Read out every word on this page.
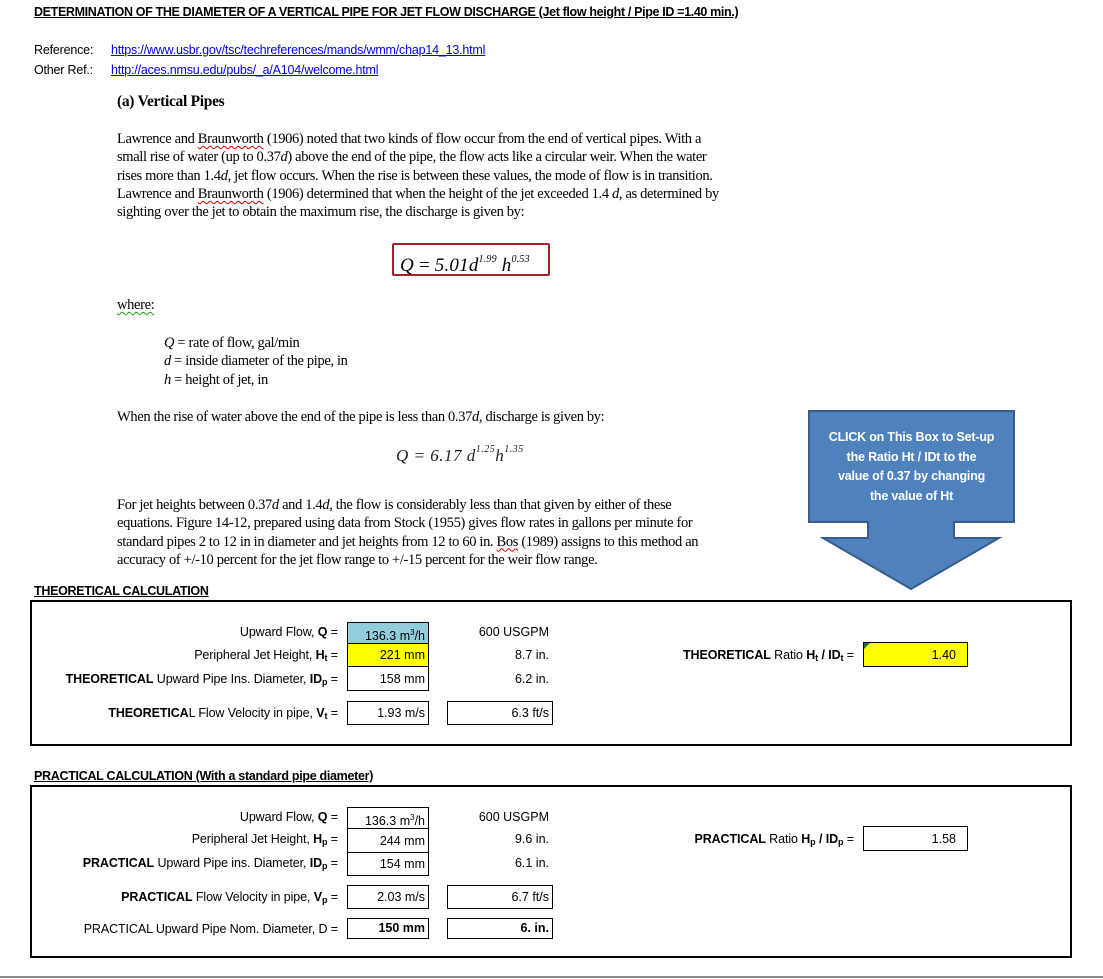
DETERMINATION OF THE DIAMETER OF A VERTICAL PIPE FOR JET FLOW DISCHARGE (Jet flow height / Pipe ID =1.40 min.)
Reference: https://www.usbr.gov/tsc/techreferences/mands/wmm/chap14_13.html
Other Ref.: http://aces.nmsu.edu/pubs/_a/A104/welcome.html
(a) Vertical Pipes
Lawrence and Braunworth (1906) noted that two kinds of flow occur from the end of vertical pipes. With a
small rise of water (up to 0.37d) above the end of the pipe, the flow acts like a circular weir. When the water
rises more than 1.4d, jet flow occurs. When the rise is between these values, the mode of flow is in transition.
Lawrence and Braunworth (1906) determined that when the height of the jet exceeded 1.4 d, as determined by
sighting over the jet to obtain the maximum rise, the discharge is given by:
$Q = 5.01d^{1.99}$ $h^{0.53}$
where:
Q = rate of flow, gal/min
d = inside diameter of the pipe, in
h = height of jet, in
When the rise of water above the end of the pipe is less than 0.37d, discharge is given by:
Q = 6.17 $d^{1.25}h^{1.35}$
For jet heights between 0.37d and 1.4d, the flow is considerably less than that given by either of these
equations. Figure 14-12, prepared using data from Stock (1955) gives flow rates in gallons per minute for
standard pipes 2 to 12 in in diameter and jet heights from 12 to 60 in. Bos (1989) assigns to this method an
accuracy of +/-10 percent for the jet flow range to +/-15 percent for the weir flow range.
CLICK on This Box to Set-up
the Ratio Ht / IDt to the
value of 0.37 by changing
the value of Ht
THEORETICAL CALCULATION
Upward Flow, Q =	136.3 $m^3/h$	600 USGPM
Peripheral Jet Height, $H_t$ =	221 mm	8.7 in.
THEORETICAL Upward Pipe Ins. Diameter, $ID_p$ =	158 mm	6.2 in.
THEORETICAL Flow Velocity in pipe, $V_t$ =	1.93 m/s	6.3 ft/s
THEORETICAL Ratio $H_t / ID_t$ =	1.40
PRACTICAL CALCULATION (With a standard pipe diameter)
Upward Flow, Q =	136.3 $m^3/h$	600 USGPM
Peripheral Jet Height, $H_p$ =	244 mm	9.6 in.
PRACTICAL Upward Pipe ins. Diameter, $ID_p$ =	154 mm	6.1 in.
PRACTICAL Flow Velocity in pipe, $V_p$ =	2.03 m/s	6.7 ft/s
PRACTICAL Upward Pipe Nom. Diameter, D =	150 mm	6. in.
PRACTICAL Ratio $H_p / ID_p$ =	1.58
